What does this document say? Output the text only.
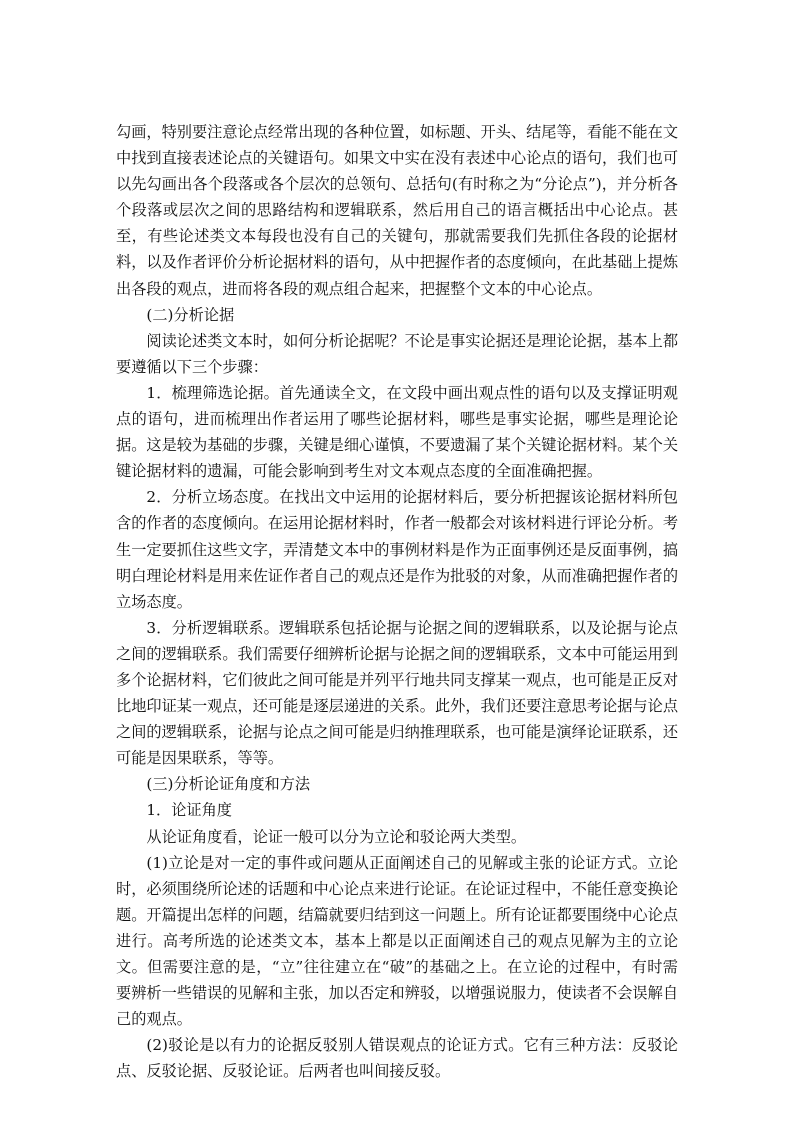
勾画，特别要注意论点经常出现的各种位置，如标题、开头、结尾等，看能不能在文中找到直接表述论点的关键语句。如果文中实在没有表述中心论点的语句，我们也可以先勾画出各个段落或各个层次的总领句、总括句(有时称之为“分论点”)，并分析各个段落或层次之间的思路结构和逻辑联系，然后用自己的语言概括出中心论点。甚至，有些论述类文本每段也没有自己的关键句，那就需要我们先抓住各段的论据材料，以及作者评价分析论据材料的语句，从中把握作者的态度倾向，在此基础上提炼出各段的观点，进而将各段的观点组合起来，把握整个文本的中心论点。

(二)分析论据

阅读论述类文本时，如何分析论据呢？不论是事实论据还是理论论据，基本上都要遵循以下三个步骤：

1．梳理筛选论据。首先通读全文，在文段中画出观点性的语句以及支撑证明观点的语句，进而梳理出作者运用了哪些论据材料，哪些是事实论据，哪些是理论论据。这是较为基础的步骤，关键是细心谨慎，不要遗漏了某个关键论据材料。某个关键论据材料的遗漏，可能会影响到考生对文本观点态度的全面准确把握。

2．分析立场态度。在找出文中运用的论据材料后，要分析把握该论据材料所包含的作者的态度倾向。在运用论据材料时，作者一般都会对该材料进行评论分析。考生一定要抓住这些文字，弄清楚文本中的事例材料是作为正面事例还是反面事例，搞明白理论材料是用来佐证作者自己的观点还是作为批驳的对象，从而准确把握作者的立场态度。

3．分析逻辑联系。逻辑联系包括论据与论据之间的逻辑联系，以及论据与论点之间的逻辑联系。我们需要仔细辨析论据与论据之间的逻辑联系，文本中可能运用到多个论据材料，它们彼此之间可能是并列平行地共同支撑某一观点，也可能是正反对比地印证某一观点，还可能是逐层递进的关系。此外，我们还要注意思考论据与论点之间的逻辑联系，论据与论点之间可能是归纳推理联系，也可能是演绎论证联系，还可能是因果联系，等等。

(三)分析论证角度和方法

1．论证角度

从论证角度看，论证一般可以分为立论和驳论两大类型。

(1)立论是对一定的事件或问题从正面阐述自己的见解或主张的论证方式。立论时，必须围绕所论述的话题和中心论点来进行论证。在论证过程中，不能任意变换论题。开篇提出怎样的问题，结篇就要归结到这一问题上。所有论证都要围绕中心论点进行。高考所选的论述类文本，基本上都是以正面阐述自己的观点见解为主的立论文。但需要注意的是，“立”往往建立在“破”的基础之上。在立论的过程中，有时需要辨析一些错误的见解和主张，加以否定和辨驳，以增强说服力，使读者不会误解自己的观点。

(2)驳论是以有力的论据反驳别人错误观点的论证方式。它有三种方法：反驳论点、反驳论据、反驳论证。后两者也叫间接反驳。
